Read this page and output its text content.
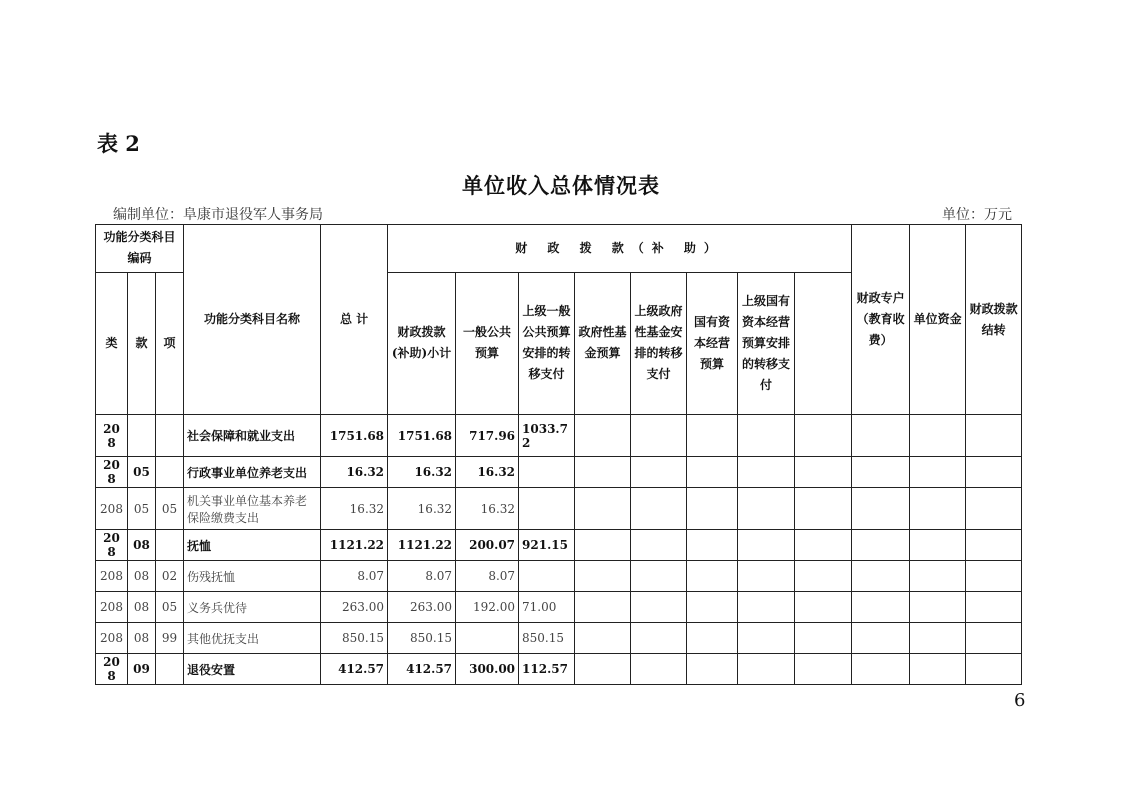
表 2
单位收入总体情况表
编制单位：阜康市退役军人事务局	单位：万元
功能分类科目编码			功能分类科目名称	总 计	财 政 拨 款（补 助）								财政专户（教育收费）	单位资金	财政拨款结转	
类	款	项			财政拨款(补助)小计	一般公共预算	上级一般公共预算安排的转移支付	政府性基金预算	上级政府性基金安排的转移支付	国有资本经营预算	上级国有资本经营预算安排的转移支付					
208			社会保障和就业支出	1751.68	1751.68	717.96	1033.72									
208	05		行政事业单位养老支出	16.32	16.32	16.32										
208	05	05	机关事业单位基本养老保险缴费支出	16.32	16.32	16.32										
208	08		抚恤	1121.22	1121.22	200.07	921.15									
208	08	02	伤残抚恤	8.07	8.07	8.07										
208	08	05	义务兵优待	263.00	263.00	192.00	71.00									
208	08	99	其他优抚支出	850.15	850.15		850.15									
208	09		退役安置	412.57	412.57	300.00	112.57									
6
